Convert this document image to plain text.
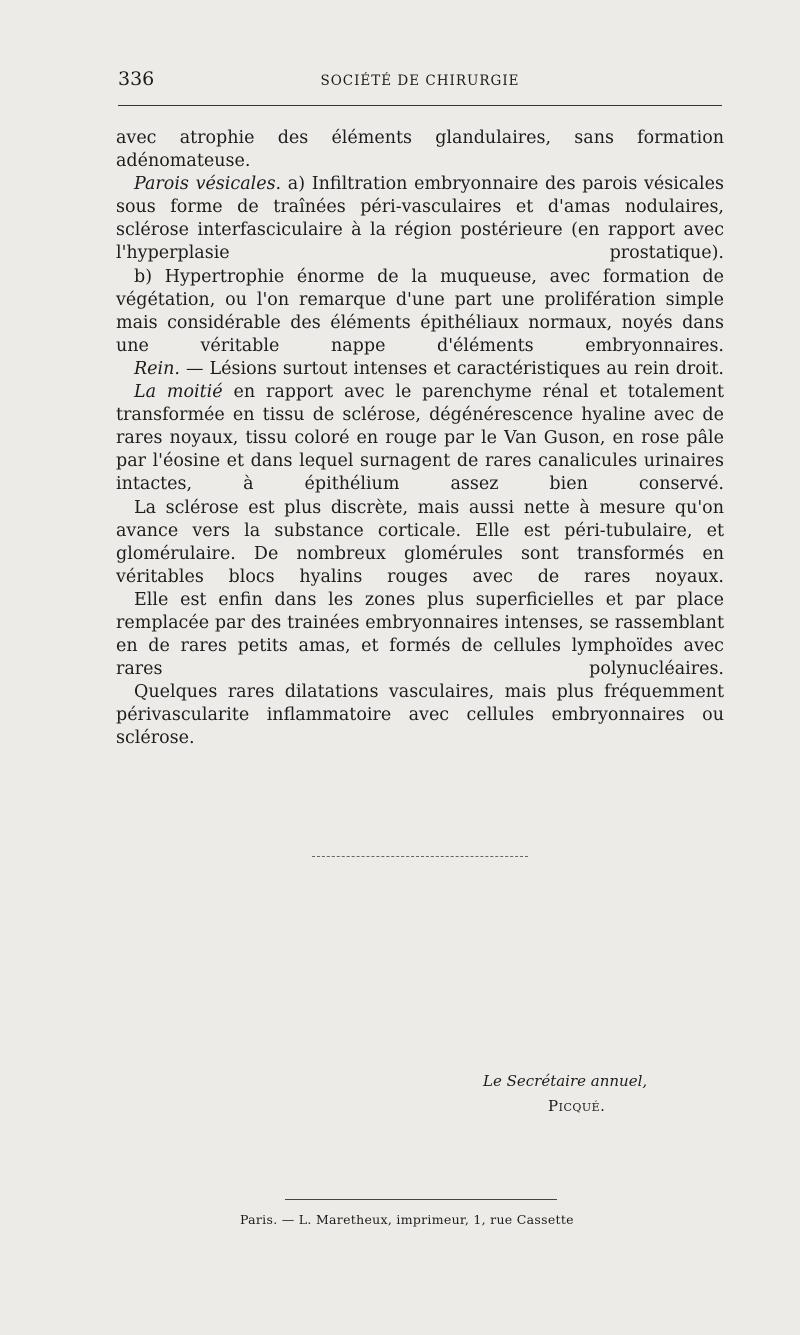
336	SOCIÉTÉ DE CHIRURGIE

avec atrophie des éléments glandulaires, sans formation adénomateuse.

Parois vésicales. a) Infiltration embryonnaire des parois vésicales sous forme de traînées péri-vasculaires et d'amas nodulaires, sclérose interfasciculaire à la région postérieure (en rapport avec l'hyperplasie prostatique).

b) Hypertrophie énorme de la muqueuse, avec formation de végétation, ou l'on remarque d'une part une prolifération simple mais considérable des éléments épithéliaux normaux, noyés dans une véritable nappe d'éléments embryonnaires.

Rein. — Lésions surtout intenses et caractéristiques au rein droit.

La moitié en rapport avec le parenchyme rénal et totalement transformée en tissu de sclérose, dégénérescence hyaline avec de rares noyaux, tissu coloré en rouge par le Van Guson, en rose pâle par l'éosine et dans lequel surnagent de rares canalicules urinaires intactes, à épithélium assez bien conservé.

La sclérose est plus discrète, mais aussi nette à mesure qu'on avance vers la substance corticale. Elle est péri-tubulaire, et glomérulaire. De nombreux glomérules sont transformés en véritables blocs hyalins rouges avec de rares noyaux.

Elle est enfin dans les zones plus superficielles et par place remplacée par des trainées embryonnaires intenses, se rassemblant en de rares petits amas, et formés de cellules lymphoïdes avec rares polynucléaires.

Quelques rares dilatations vasculaires, mais plus fréquemment périvascularite inflammatoire avec cellules embryonnaires ou sclérose.

Le Secrétaire annuel,
Picqué.
Paris. — L. Maretheux, imprimeur, 1, rue Cassette
